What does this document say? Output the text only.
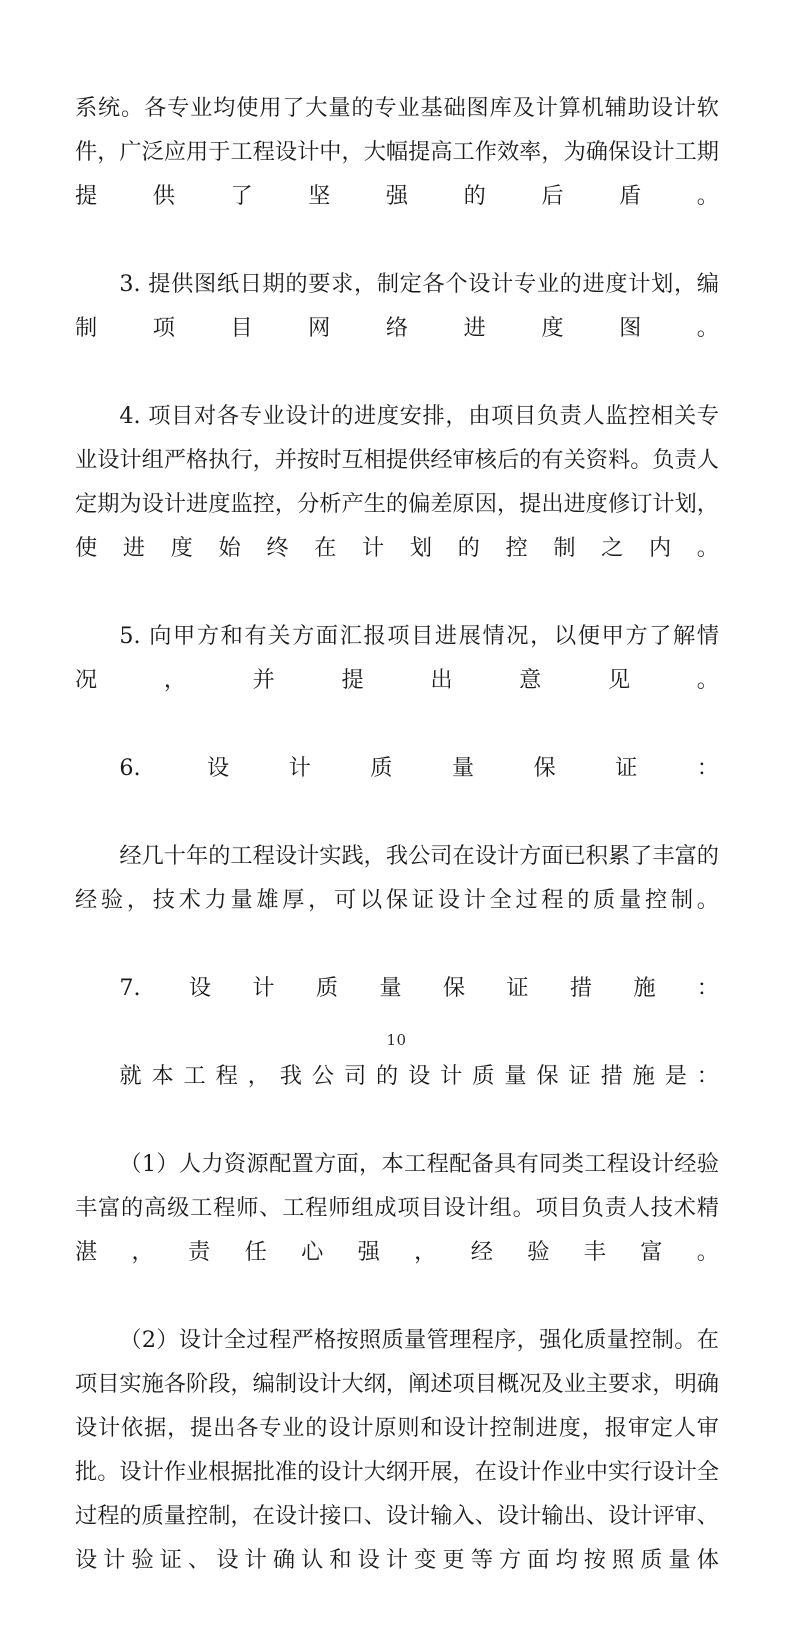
系统。各专业均使用了大量的专业基础图库及计算机辅助设计软件，广泛应用于工程设计中，大幅提高工作效率，为确保设计工期提供了坚强的后盾。

3. 提供图纸日期的要求，制定各个设计专业的进度计划，编制项目网络进度图。

4. 项目对各专业设计的进度安排，由项目负责人监控相关专业设计组严格执行，并按时互相提供经审核后的有关资料。负责人定期为设计进度监控，分析产生的偏差原因，提出进度修订计划，使进度始终在计划的控制之内。

5. 向甲方和有关方面汇报项目进展情况，以便甲方了解情况，并提出意见。

6. 设计质量保证：

经几十年的工程设计实践，我公司在设计方面已积累了丰富的经验，技术力量雄厚，可以保证设计全过程的质量控制。

7. 设计质量保证措施：

就本工程，我公司的设计质量保证措施是：

（1）人力资源配置方面，本工程配备具有同类工程设计经验丰富的高级工程师、工程师组成项目设计组。项目负责人技术精湛，责任心强，经验丰富。

（2）设计全过程严格按照质量管理程序，强化质量控制。在项目实施各阶段，编制设计大纲，阐述项目概况及业主要求，明确设计依据，提出各专业的设计原则和设计控制进度，报审定人审批。设计作业根据批准的设计大纲开展，在设计作业中实行设计全过程的质量控制，在设计接口、设计输入、设计输出、设计评审、设计验证、设计确认和设计变更等方面均按照质量体

10
